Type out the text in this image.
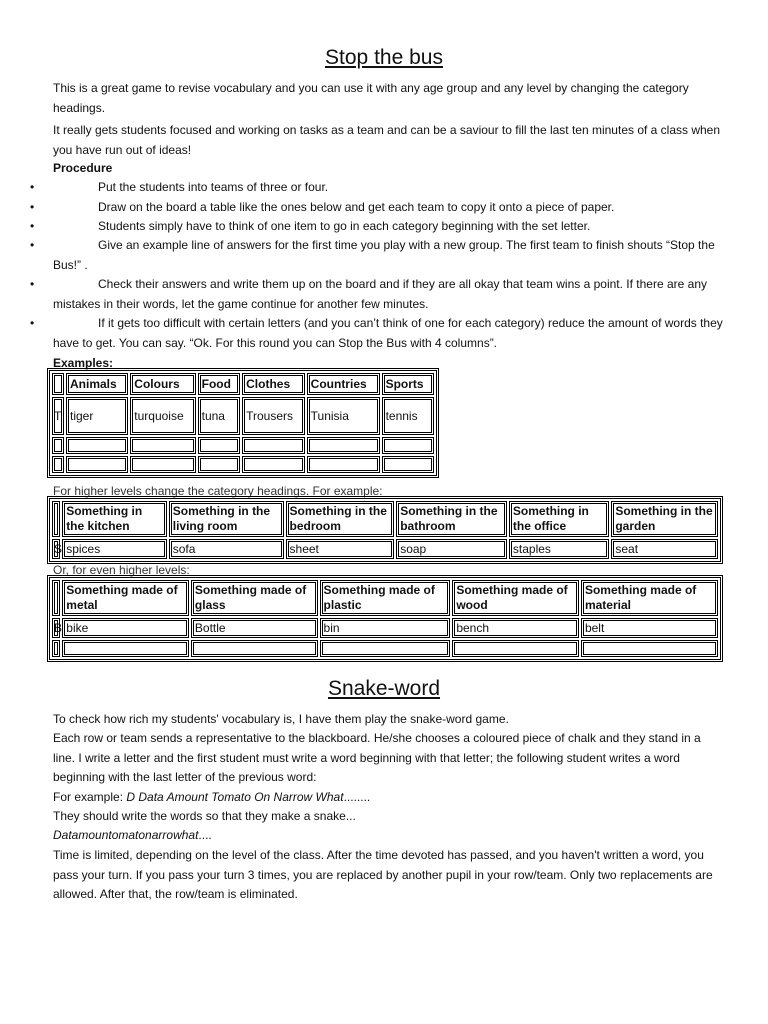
Stop the bus

This is a great game to revise vocabulary and you can use it with any age group and any level by changing the category headings.

It really gets students focused and working on tasks as a team and can be a saviour to fill the last ten minutes of a class when you have run out of ideas!

Procedure

•	Put the students into teams of three or four.

•	Draw on the board a table like the ones below and get each team to copy it onto a piece of paper.

•	Students simply have to think of one item to go in each category beginning with the set letter.

•	Give an example line of answers for the first time you play with a new group. The first team to finish shouts “Stop the Bus!” .

•	Check their answers and write them up on the board and if they are all okay that team wins a point. If there are any mistakes in their words, let the game continue for another few minutes.

•	If it gets too difficult with certain letters (and you can’t think of one for each category) reduce the amount of words they have to get. You can say. “Ok. For this round you can Stop the Bus with 4 columns”.

Examples:

	Animals	Colours	Food	Clothes	Countries	Sports
T	tiger	turquoise	tuna	Trousers	Tunisia	tennis

For higher levels change the category headings. For example:

	Something in the kitchen	Something in the living room	Something in the bedroom	Something in the bathroom	Something in the office	Something in the garden
S	spices	sofa	sheet	soap	staples	seat

Or, for even higher levels:

	Something made of metal	Something made of glass	Something made of plastic	Something made of wood	Something made of material
B	bike	Bottle	bin	bench	belt

Snake-word

To check how rich my students' vocabulary is, I have them play the snake-word game.

Each row or team sends a representative to the blackboard. He/she chooses a coloured piece of chalk and they stand in a line. I write a letter and the first student must write a word beginning with that letter; the following student writes a word beginning with the last letter of the previous word:

For example: D Data Amount Tomato On Narrow What........

They should write the words so that they make a snake...

Datamountomatonarrowhat....

Time is limited, depending on the level of the class. After the time devoted has passed, and you haven't written a word, you pass your turn. If you pass your turn 3 times, you are replaced by another pupil in your row/team. Only two replacements are allowed. After that, the row/team is eliminated.
